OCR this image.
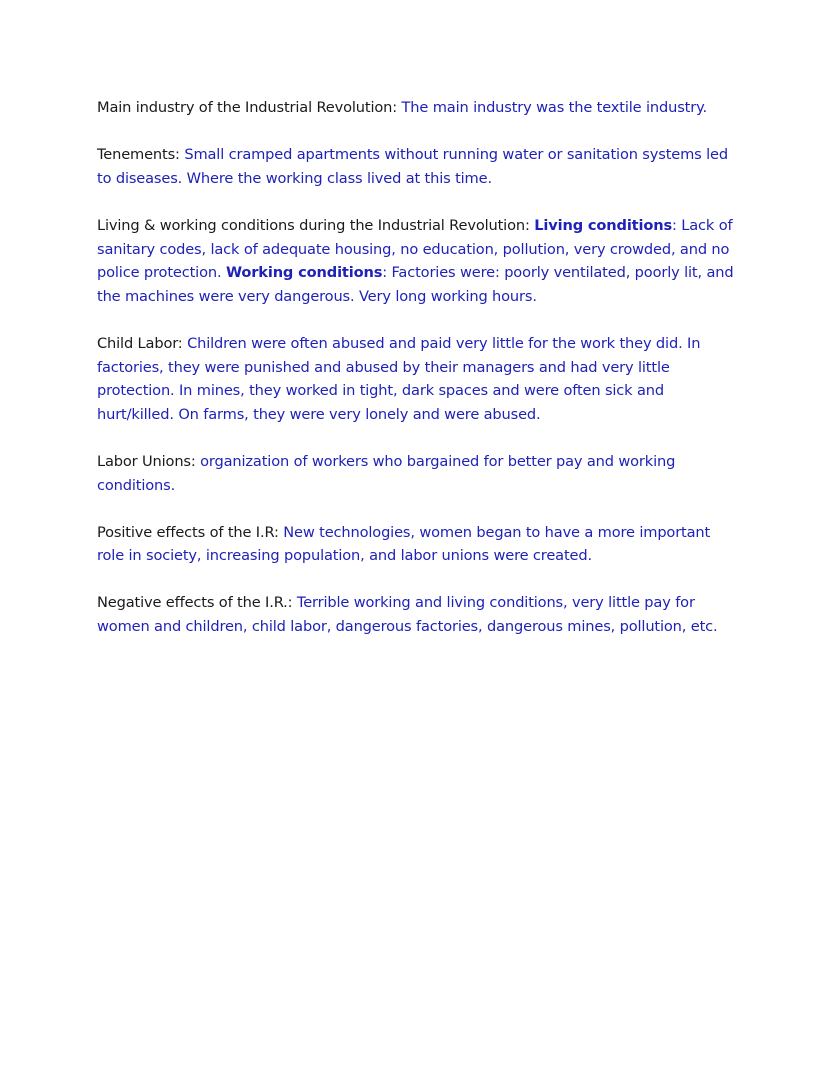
Main industry of the Industrial Revolution: The main industry was the textile industry.

Tenements: Small cramped apartments without running water or sanitation systems led to diseases. Where the working class lived at this time.

Living & working conditions during the Industrial Revolution: Living conditions: Lack of sanitary codes, lack of adequate housing, no education, pollution, very crowded, and no police protection. Working conditions: Factories were: poorly ventilated, poorly lit, and the machines were very dangerous. Very long working hours.

Child Labor: Children were often abused and paid very little for the work they did. In factories, they were punished and abused by their managers and had very little protection. In mines, they worked in tight, dark spaces and were often sick and hurt/killed. On farms, they were very lonely and were abused.

Labor Unions: organization of workers who bargained for better pay and working conditions.

Positive effects of the I.R: New technologies, women began to have a more important role in society, increasing population, and labor unions were created.

Negative effects of the I.R.: Terrible working and living conditions, very little pay for women and children, child labor, dangerous factories, dangerous mines, pollution, etc.
